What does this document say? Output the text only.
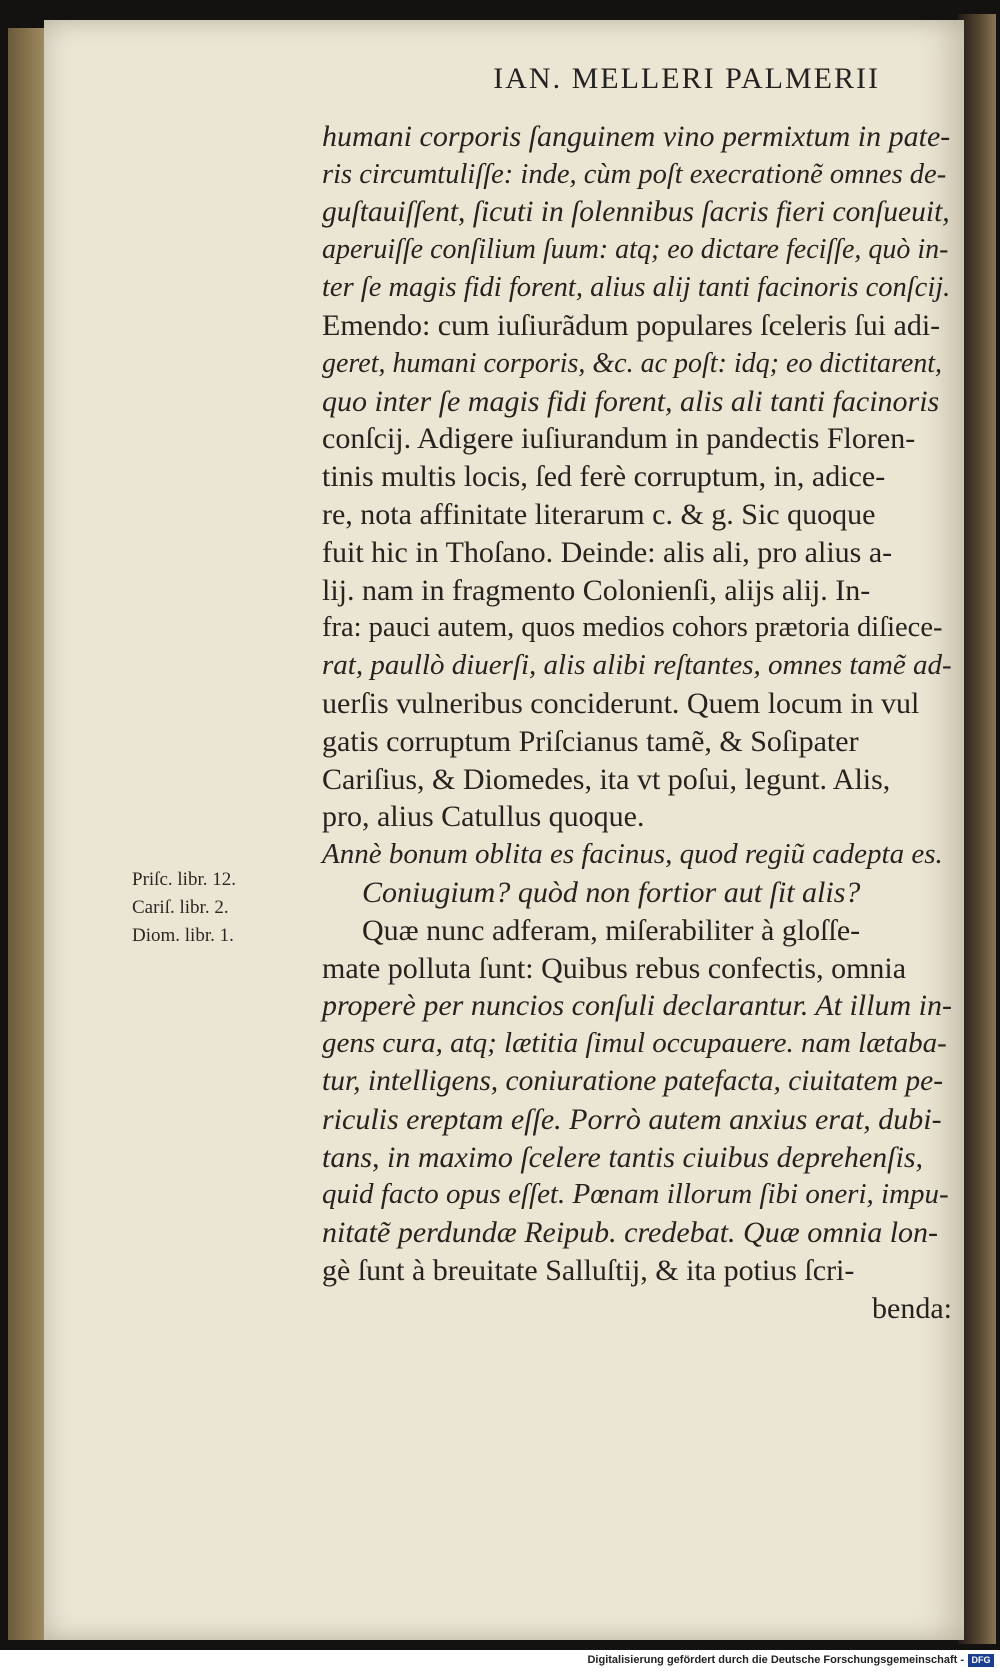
IAN. MELLERI PALMERII
humani corporis ſanguinem vino permixtum in pate-
ris circumtuliſſe: inde, cùm poſt execrationẽ omnes de-
guſtauiſſent, ſicuti in ſolennibus ſacris fieri conſueuit,
aperuiſſe conſilium ſuum: atq; eo dictare feciſſe, quò in-
ter ſe magis fidi forent, alius alij tanti facinoris conſcij.
Emendo: cum iuſiurãdum populares ſceleris ſui adi-
geret, humani corporis, &c. ac poſt: idq; eo dictitarent,
quo inter ſe magis fidi forent, alis ali tanti facinoris
conſcij. Adigere iuſiurandum in pandectis Floren-
tinis multis locis, ſed ferè corruptum, in, adice-
re, nota affinitate literarum c. & g. Sic quoque
fuit hic in Thoſano. Deinde: alis ali, pro alius a-
lij. nam in fragmento Colonienſi, aliјs alij. In-
fra: pauci autem, quos medios cohors prætoria diſiece-
rat, paullò diuerſi, alis alibi reſtantes, omnes tamẽ ad-
uerſis vulneribus conciderunt. Quem locum in vul
gatis corruptum Priſcianus tamẽ, & Soſipater
Cariſius, & Diomedes, ita vt poſui, legunt. Alis,
pro, alius Catullus quoque.
Annè bonum oblita es facinus, quod regiũ cadepta es.
Coniugium? quòd non fortior aut ſit alis?
Quæ nunc adferam, miſerabiliter à gloſſe-
mate polluta ſunt: Quibus rebus confectis, omnia
properè per nuncios conſuli declarantur. At illum in-
gens cura, atq; lætitia ſimul occupauere. nam lætaba-
tur, intelligens, coniuratione patefacta, ciuitatem pe-
riculis ereptam eſſe. Porrò autem anxius erat, dubi-
tans, in maximo ſcelere tantis ciuibus deprehenſis,
quid facto opus eſſet. Pœnam illorum ſibi oneri, impu-
nitatẽ perdundæ Reipub. credebat. Quæ omnia lon-
gè ſunt à breuitate Salluſtij, & ita potius ſcri-
benda:
Priſc. libr. 12.
Cariſ. libr. 2.
Diom. libr. 1.
Digitalisierung gefördert durch die Deutsche Forschungsgemeinschaft - DFG
